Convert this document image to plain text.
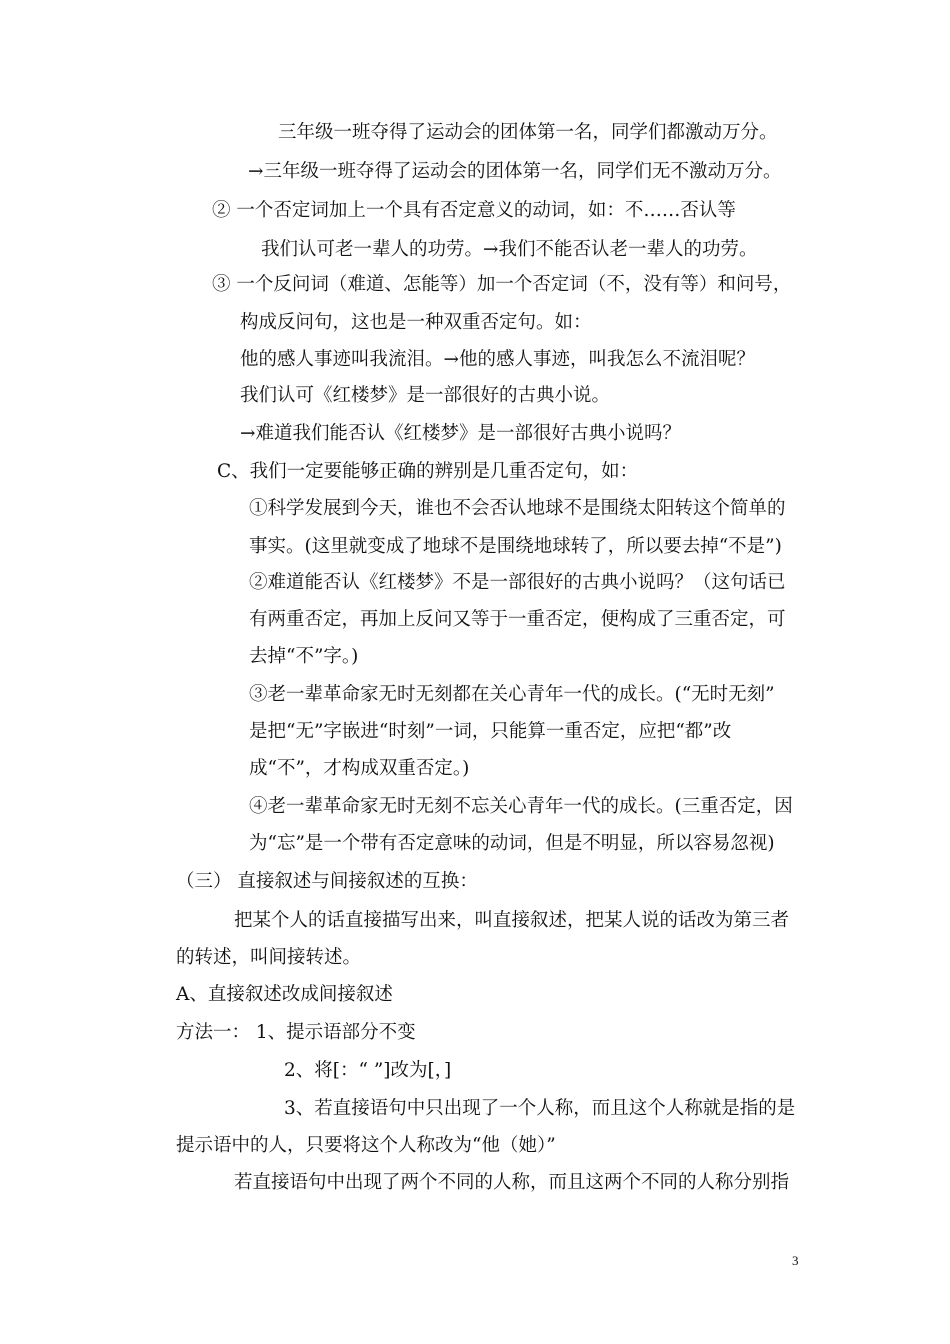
三年级一班夺得了运动会的团体第一名，同学们都激动万分。
→三年级一班夺得了运动会的团体第一名，同学们无不激动万分。
② 一个否定词加上一个具有否定意义的动词，如：不……否认等
我们认可老一辈人的功劳。→我们不能否认老一辈人的功劳。
③ 一个反问词（难道、怎能等）加一个否定词（不，没有等）和问号，
构成反问句，这也是一种双重否定句。如：
他的感人事迹叫我流泪。→他的感人事迹，叫我怎么不流泪呢？
我们认可《红楼梦》是一部很好的古典小说。
→难道我们能否认《红楼梦》是一部很好古典小说吗？
C、我们一定要能够正确的辨别是几重否定句，如：
①科学发展到今天，谁也不会否认地球不是围绕太阳转这个简单的
事实。(这里就变成了地球不是围绕地球转了，所以要去掉“不是”)
②难道能否认《红楼梦》不是一部很好的古典小说吗？（这句话已
有两重否定，再加上反问又等于一重否定，便构成了三重否定，可
去掉“不”字。)
③老一辈革命家无时无刻都在关心青年一代的成长。(“无时无刻”
是把“无”字嵌进“时刻”一词，只能算一重否定，应把“都”改
成“不”，才构成双重否定。)
④老一辈革命家无时无刻不忘关心青年一代的成长。(三重否定，因
为“忘”是一个带有否定意味的动词，但是不明显，所以容易忽视)
（三） 直接叙述与间接叙述的互换：
把某个人的话直接描写出来，叫直接叙述，把某人说的话改为第三者
的转述，叫间接转述。
A、直接叙述改成间接叙述
方法一： 1、提示语部分不变
2、将[：“ ”]改为[，]
3、若直接语句中只出现了一个人称，而且这个人称就是指的是
提示语中的人，只要将这个人称改为“他（她）”
若直接语句中出现了两个不同的人称，而且这两个不同的人称分别指
3
